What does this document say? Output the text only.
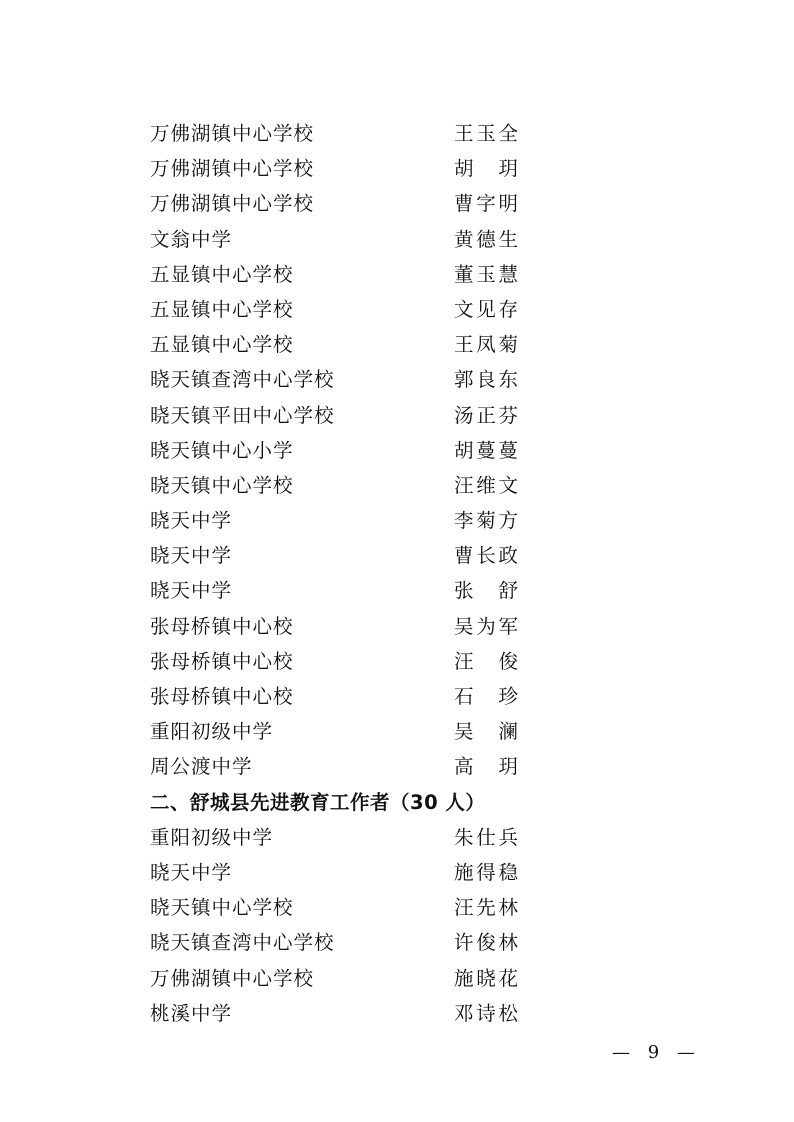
万佛湖镇中心学校	王玉全
万佛湖镇中心学校	胡 玥
万佛湖镇中心学校	曹字明
文翁中学	黄德生
五显镇中心学校	董玉慧
五显镇中心学校	文见存
五显镇中心学校	王凤菊
晓天镇查湾中心学校	郭良东
晓天镇平田中心学校	汤正芬
晓天镇中心小学	胡蔓蔓
晓天镇中心学校	汪维文
晓天中学	李菊方
晓天中学	曹长政
晓天中学	张 舒
张母桥镇中心校	吴为军
张母桥镇中心校	汪 俊
张母桥镇中心校	石 珍
重阳初级中学	吴 澜
周公渡中学	高 玥
二、舒城县先进教育工作者（30 人）
重阳初级中学	朱仕兵
晓天中学	施得稳
晓天镇中心学校	汪先林
晓天镇查湾中心学校	许俊林
万佛湖镇中心学校	施晓花
桃溪中学	邓诗松
— 9 —
